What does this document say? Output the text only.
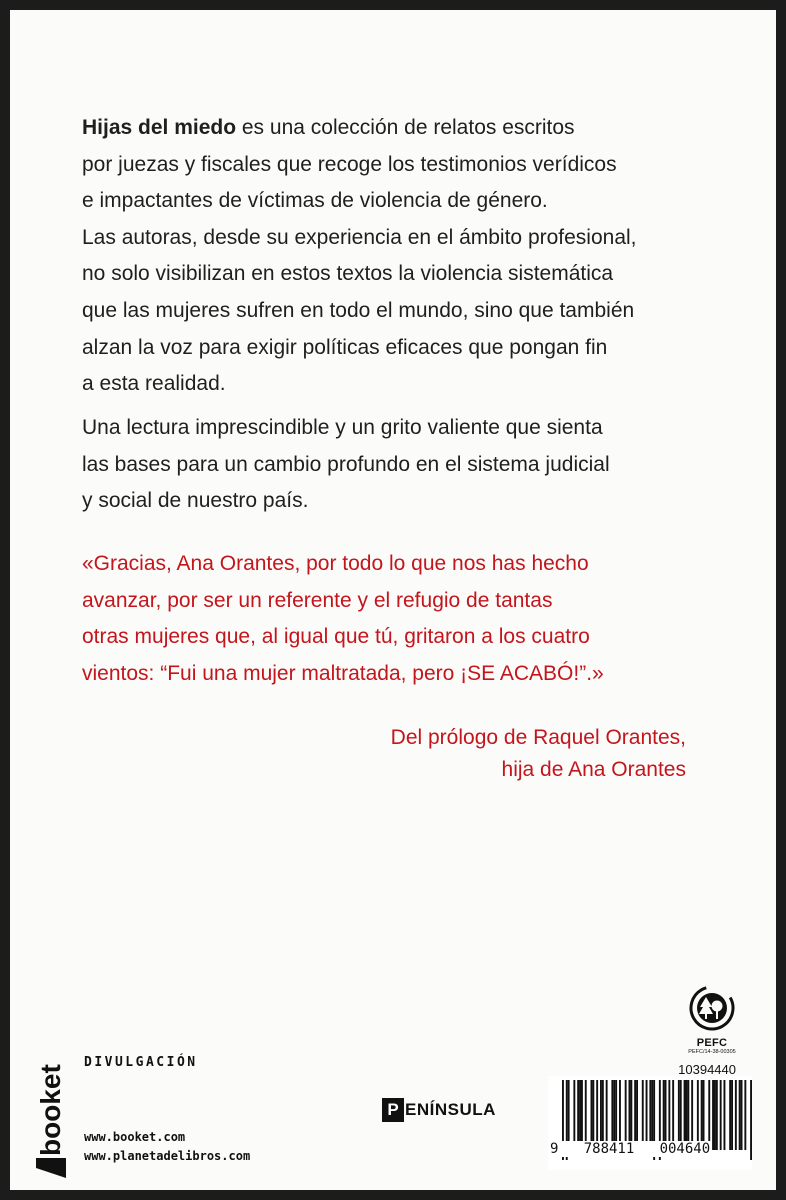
Hijas del miedo es una colección de relatos escritos
por juezas y fiscales que recoge los testimonios verídicos
e impactantes de víctimas de violencia de género.
Las autoras, desde su experiencia en el ámbito profesional,
no solo visibilizan en estos textos la violencia sistemática
que las mujeres sufren en todo el mundo, sino que también
alzan la voz para exigir políticas eficaces que pongan fin
a esta realidad.
Una lectura imprescindible y un grito valiente que sienta
las bases para un cambio profundo en el sistema judicial
y social de nuestro país.
«Gracias, Ana Orantes, por todo lo que nos has hecho
avanzar, por ser un referente y el refugio de tantas
otras mujeres que, al igual que tú, gritaron a los cuatro
vientos: “Fui una mujer maltratada, pero ¡SE ACABÓ!”.»
Del prólogo de Raquel Orantes,
hija de Ana Orantes
booket
DIVULGACIÓN
www.booket.com
www.planetadelibros.com
P ENÍNSULA
PEFC
PEFC/14-38-00305
10394440
9   788411   004640
